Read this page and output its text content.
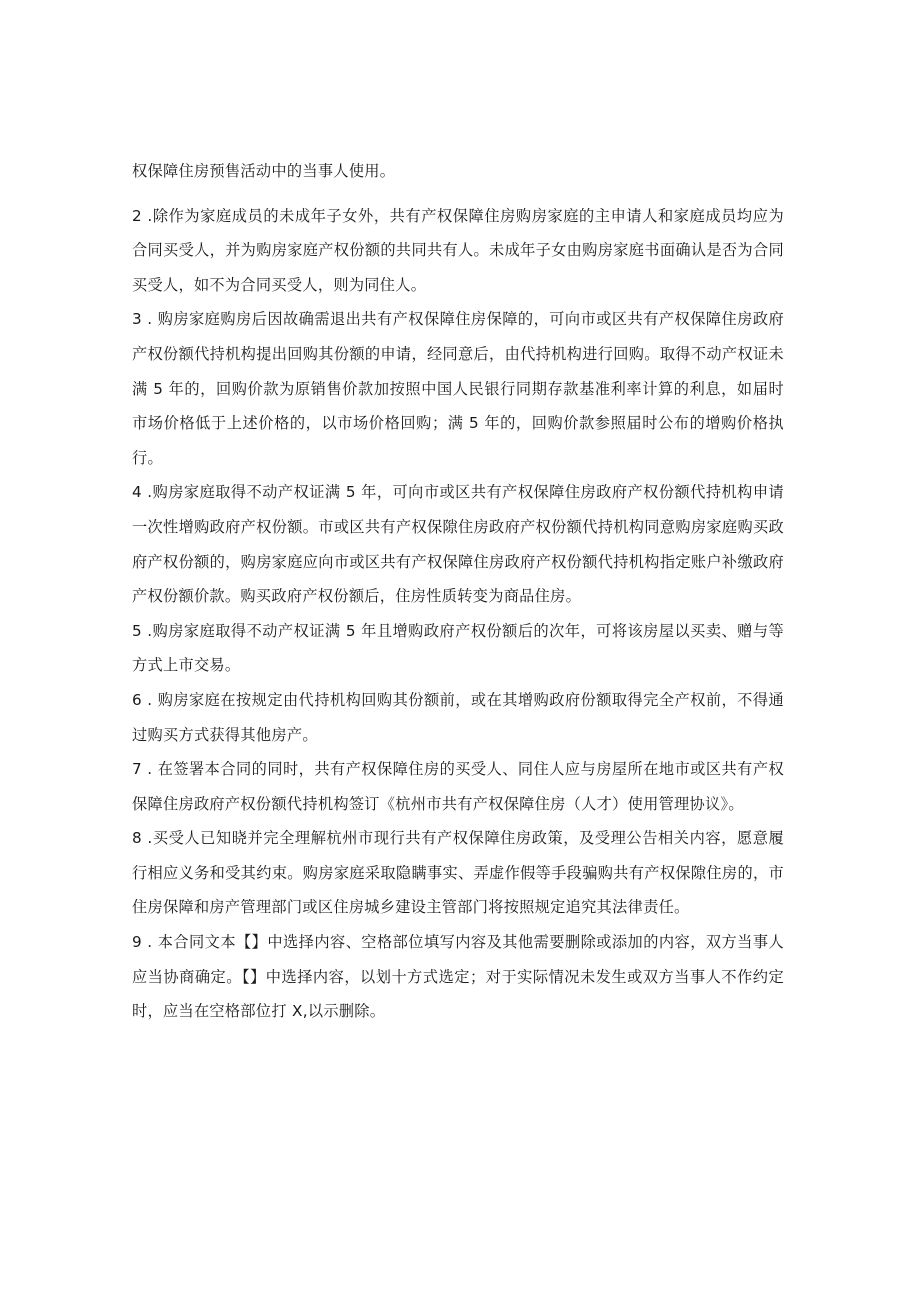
权保障住房预售活动中的当事人使用。

2 .除作为家庭成员的未成年子女外，共有产权保障住房购房家庭的主申请人和家庭成员均应为合同买受人，并为购房家庭产权份额的共同共有人。未成年子女由购房家庭书面确认是否为合同买受人，如不为合同买受人，则为同住人。

3 . 购房家庭购房后因故确需退出共有产权保障住房保障的，可向市或区共有产权保障住房政府产权份额代持机构提出回购其份额的申请，经同意后，由代持机构进行回购。取得不动产权证未满 5 年的，回购价款为原销售价款加按照中国人民银行同期存款基准利率计算的利息，如届时市场价格低于上述价格的，以市场价格回购；满 5 年的，回购价款参照届时公布的增购价格执行。

4 .购房家庭取得不动产权证满 5 年，可向市或区共有产权保障住房政府产权份额代持机构申请一次性增购政府产权份额。市或区共有产权保隙住房政府产权份额代持机构同意购房家庭购买政府产权份额的，购房家庭应向市或区共有产权保障住房政府产权份额代持机构指定账户补缴政府产权份额价款。购买政府产权份额后，住房性质转变为商品住房。

5 .购房家庭取得不动产权证满 5 年且增购政府产权份额后的次年，可将该房屋以买卖、赠与等方式上市交易。

6 . 购房家庭在按规定由代持机构回购其份额前，或在其增购政府份额取得完全产权前，不得通过购买方式获得其他房产。

7 . 在签署本合同的同时，共有产权保障住房的买受人、同住人应与房屋所在地市或区共有产权保障住房政府产权份额代持机构签订《杭州市共有产权保障住房（人才）使用管理协议》。

8 .买受人已知晓并完全理解杭州市现行共有产权保障住房政策，及受理公告相关内容，愿意履行相应义务和受其约束。购房家庭采取隐瞒事实、弄虚作假等手段骗购共有产权保隙住房的，市住房保障和房产管理部门或区住房城乡建设主管部门将按照规定追究其法律责任。

9 . 本合同文本【】中选择内容、空格部位填写内容及其他需要删除或添加的内容，双方当事人应当协商确定。【】中选择内容，以划十方式选定；对于实际情况未发生或双方当事人不作约定时，应当在空格部位打 X,以示删除。
